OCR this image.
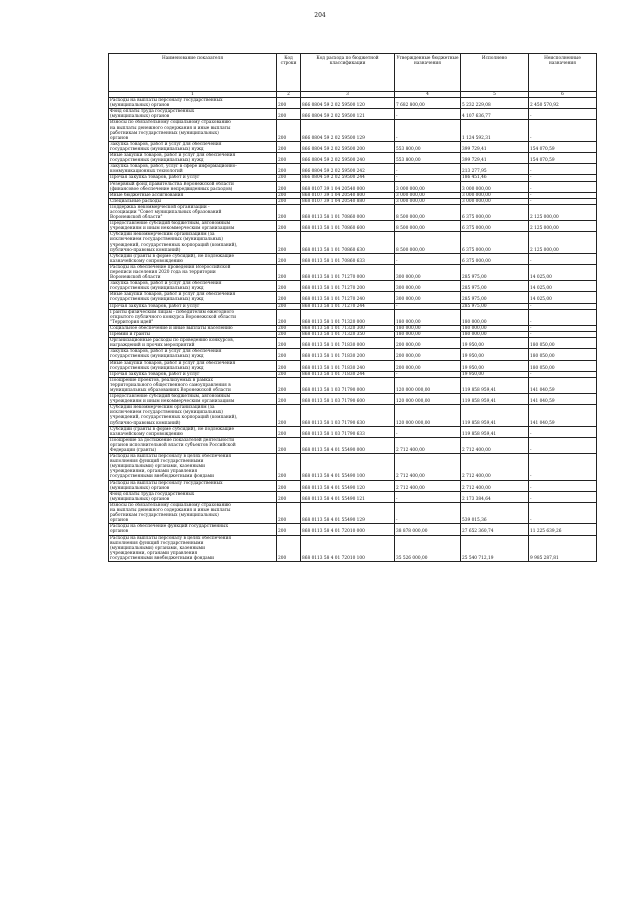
204
Наименование показателя	Код строки	Код расхода по бюджетной классификации	Утвержденные бюджетные назначения	Исполнено	Неисполненные назначения
1	2	3	4	5	6
Расходы на выплаты персоналу государственных
(муниципальных) органов	200	866 0804 59 2 02 59500 120	7 682 800,00	5 232 229,08	2 450 570,92
Фонд оплаты труда государственных
(муниципальных) органов	200	866 0804 59 2 02 59500 121	-	4 107 636,77	-
Взносы по обязательному социальному страхованию
на выплаты денежного содержания и иные выплаты
работникам государственных (муниципальных)
органов	200	866 0804 59 2 02 59500 129	-	1 124 592,31	-
Закупка товаров, работ и услуг для обеспечения
государственных (муниципальных) нужд	200	866 0804 59 2 02 59500 200	553 800,00	399 729,41	154 070,59
Иные закупки товаров, работ и услуг для обеспечения
государственных (муниципальных) нужд	200	866 0804 59 2 02 59500 240	553 800,00	399 729,41	154 070,59
Закупка товаров, работ, услуг в сфере информационно-
коммуникационных технологий	200	866 0804 59 2 02 59500 242	-	213 277,95	-
Прочая закупка товаров, работ и услуг	200	866 0804 59 2 02 59500 244	-	186 451,46	-
Резервный фонд правительства Воронежской области
(финансовое обеспечение непредвиденных расходов)	200	868 0107 39 1 04 20540 000	3 000 000,00	3 000 000,00	-
Иные бюджетные ассигнования	200	868 0107 39 1 04 20540 800	3 000 000,00	3 000 000,00	-
Специальные расходы	200	868 0107 39 1 04 20540 880	3 000 000,00	3 000 000,00	-
Поддержка некоммерческой организации -
ассоциации "Совет муниципальных образований
Воронежской области"	200	868 0113 58 1 01 70860 000	8 500 000,00	6 375 000,00	2 125 000,00
Предоставление субсидий бюджетным, автономным
учреждениям и иным некоммерческим организациям	200	868 0113 58 1 01 70860 600	8 500 000,00	6 375 000,00	2 125 000,00
Субсидии некоммерческим организациям (за
исключением государственных (муниципальных)
учреждений, государственных корпораций (компаний),
публично-правовых компаний)	200	868 0113 58 1 01 70860 630	8 500 000,00	6 375 000,00	2 125 000,00
Субсидии (гранты в форме субсидий), не подлежащие
казначейскому сопровождению	200	868 0113 58 1 01 70860 633	-	6 375 000,00	-
Расходы на обеспечение проведения Всероссийской
переписи населения 2020 года на территории
Воронежской области	200	868 0113 58 1 01 71270 000	300 000,00	285 975,00	14 025,00
Закупка товаров, работ и услуг для обеспечения
государственных (муниципальных) нужд	200	868 0113 58 1 01 71270 200	300 000,00	285 975,00	14 025,00
Иные закупки товаров, работ и услуг для обеспечения
государственных (муниципальных) нужд	200	868 0113 58 1 01 71270 240	300 000,00	285 975,00	14 025,00
Прочая закупка товаров, работ и услуг	200	868 0113 58 1 01 71270 244	-	285 975,00	-
Гранты физическим лицам - победителям ежегодного
открытого публичного конкурса Воронежской области
"Территория идей"	200	868 0113 58 1 01 71320 000	180 000,00	180 000,00	-
Социальное обеспечение и иные выплаты населению	200	868 0113 58 1 01 71320 300	180 000,00	180 000,00	-
Премии и гранты	200	868 0113 58 1 01 71320 350	180 000,00	180 000,00	-
Организационные расходы по проведению конкурсов,
награждений и прочих мероприятий	200	868 0113 58 1 01 71830 000	200 000,00	19 950,00	180 050,00
Закупка товаров, работ и услуг для обеспечения
государственных (муниципальных) нужд	200	868 0113 58 1 01 71830 200	200 000,00	19 950,00	180 050,00
Иные закупки товаров, работ и услуг для обеспечения
государственных (муниципальных) нужд	200	868 0113 58 1 01 71830 240	200 000,00	19 950,00	180 050,00
Прочая закупка товаров, работ и услуг	200	868 0113 58 1 01 71830 244	-	19 950,00	-
Поощрение проектов, реализуемых в рамках
территориального общественного самоуправления в
муниципальных образованиях Воронежской области	200	868 0113 58 1 03 71790 000	120 000 000,00	119 858 959,41	141 040,59
Предоставление субсидий бюджетным, автономным
учреждениям и иным некоммерческим организациям	200	868 0113 58 1 03 71790 600	120 000 000,00	119 858 959,41	141 040,59
Субсидии некоммерческим организациям (за
исключением государственных (муниципальных)
учреждений, государственных корпораций (компаний),
публично-правовых компаний)	200	868 0113 58 1 03 71790 630	120 000 000,00	119 858 959,41	141 040,59
Субсидии (гранты в форме субсидий), не подлежащие
казначейскому сопровождению	200	868 0113 58 1 03 71790 633	-	119 858 959,41	-
Поощрение за достижение показателей деятельности
органов исполнительной власти субъектов Российской
Федерации (гранты)	200	868 0113 58 4 01 55490 000	2 712 400,00	2 712 400,00	-
Расходы на выплаты персоналу в целях обеспечения
выполнения функций государственными
(муниципальными) органами, казенными
учреждениями, органами управления
государственными внебюджетными фондами	200	868 0113 58 4 01 55490 100	2 712 400,00	2 712 400,00	-
Расходы на выплаты персоналу государственных
(муниципальных) органов	200	868 0113 58 4 01 55490 120	2 712 400,00	2 712 400,00	-
Фонд оплаты труда государственных
(муниципальных) органов	200	868 0113 58 4 01 55490 121	-	2 173 384,64	-
Взносы по обязательному социальному страхованию
на выплаты денежного содержания и иные выплаты
работникам государственных (муниципальных)
органов	200	868 0113 58 4 01 55490 129	-	539 015,36	-
Расходы на обеспечение функций государственных
органов	200	868 0113 58 4 01 72010 000	38 878 000,00	27 652 360,74	11 225 639,26
Расходы на выплаты персоналу в целях обеспечения
выполнения функций государственными
(муниципальными) органами, казенными
учреждениями, органами управления
государственными внебюджетными фондами	200	868 0113 58 4 01 72010 100	35 526 000,00	25 540 712,19	9 985 287,81
